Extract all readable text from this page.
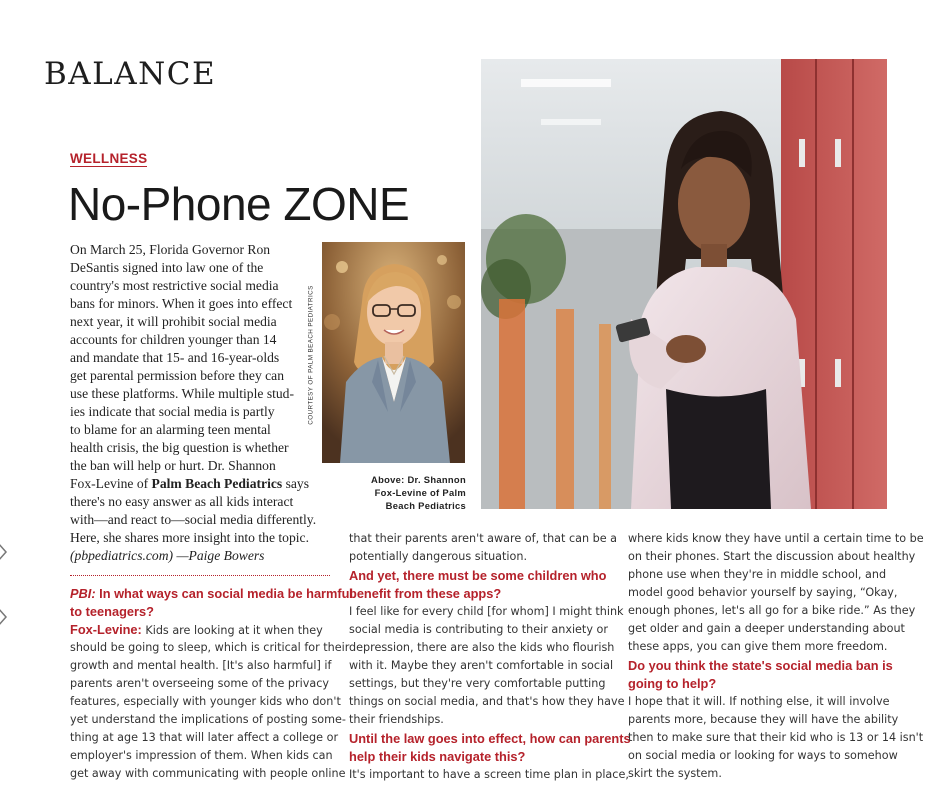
BALANCE
WELLNESS
No-Phone ZONE
On March 25, Florida Governor Ron
DeSantis signed into law one of the
country's most restrictive social media
bans for minors. When it goes into effect
next year, it will prohibit social media
accounts for children younger than 14
and mandate that 15- and 16-year-olds
get parental permission before they can
use these platforms. While multiple stud-
ies indicate that social media is partly
to blame for an alarming teen mental
health crisis, the big question is whether
the ban will help or hurt. Dr. Shannon
Fox-Levine of Palm Beach Pediatrics says
there's no easy answer as all kids interact
with—and react to—social media differently.
Here, she shares more insight into the topic.
(pbpediatrics.com) —Paige Bowers
COURTESY OF PALM BEACH PEDIATRICS
Above: Dr. Shannon
Fox-Levine of Palm
Beach Pediatrics
PBI: In what ways can social media be harmful
to teenagers?
Fox-Levine: Kids are looking at it when they
should be going to sleep, which is critical for their
growth and mental health. [It's also harmful] if
parents aren't overseeing some of the privacy
features, especially with younger kids who don't
yet understand the implications of posting some-
thing at age 13 that will later affect a college or
employer's impression of them. When kids can
get away with communicating with people online
that their parents aren't aware of, that can be a
potentially dangerous situation.
And yet, there must be some children who
benefit from these apps?
I feel like for every child [for whom] I might think
social media is contributing to their anxiety or
depression, there are also the kids who flourish
with it. Maybe they aren't comfortable in social
settings, but they're very comfortable putting
things on social media, and that's how they have
their friendships.
Until the law goes into effect, how can parents
help their kids navigate this?
It's important to have a screen time plan in place,
where kids know they have until a certain time to be
on their phones. Start the discussion about healthy
phone use when they're in middle school, and
model good behavior yourself by saying, “Okay,
enough phones, let's all go for a bike ride.” As they
get older and gain a deeper understanding about
these apps, you can give them more freedom.
Do you think the state's social media ban is
going to help?
I hope that it will. If nothing else, it will involve
parents more, because they will have the ability
then to make sure that their kid who is 13 or 14 isn't
on social media or looking for ways to somehow
skirt the system.
